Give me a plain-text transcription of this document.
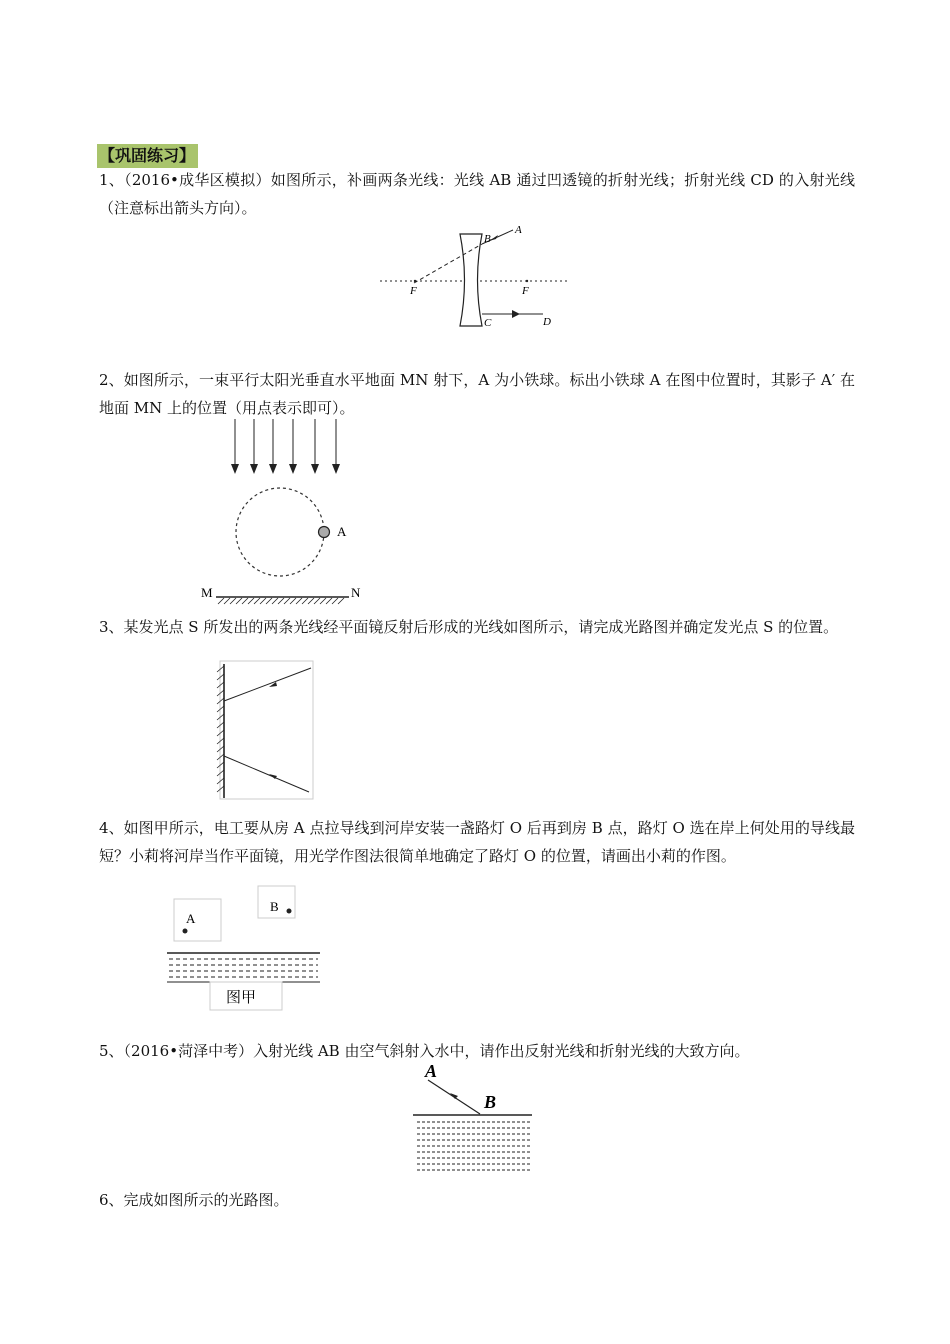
【巩固练习】
1、（2016•成华区模拟）如图所示，补画两条光线：光线 AB 通过凹透镜的折射光线；折射光线 CD 的入射光线（注意标出箭头方向）。
A
B
F	F
C	D
2、如图所示，一束平行太阳光垂直水平地面 MN 射下，A 为小铁球。标出小铁球 A 在图中位置时，其影子 A′ 在地面 MN 上的位置（用点表示即可）。
A
M	N
3、某发光点 S 所发出的两条光线经平面镜反射后形成的光线如图所示，请完成光路图并确定发光点 S 的位置。
4、如图甲所示，电工要从房 A 点拉导线到河岸安装一盏路灯 O 后再到房 B 点，路灯 O 选在岸上何处用的导线最短？小莉将河岸当作平面镜，用光学作图法很简单地确定了路灯 O 的位置，请画出小莉的作图。
A
B
图甲
5、（2016•菏泽中考）入射光线 AB 由空气斜射入水中，请作出反射光线和折射光线的大致方向。
A
B
6、完成如图所示的光路图。
